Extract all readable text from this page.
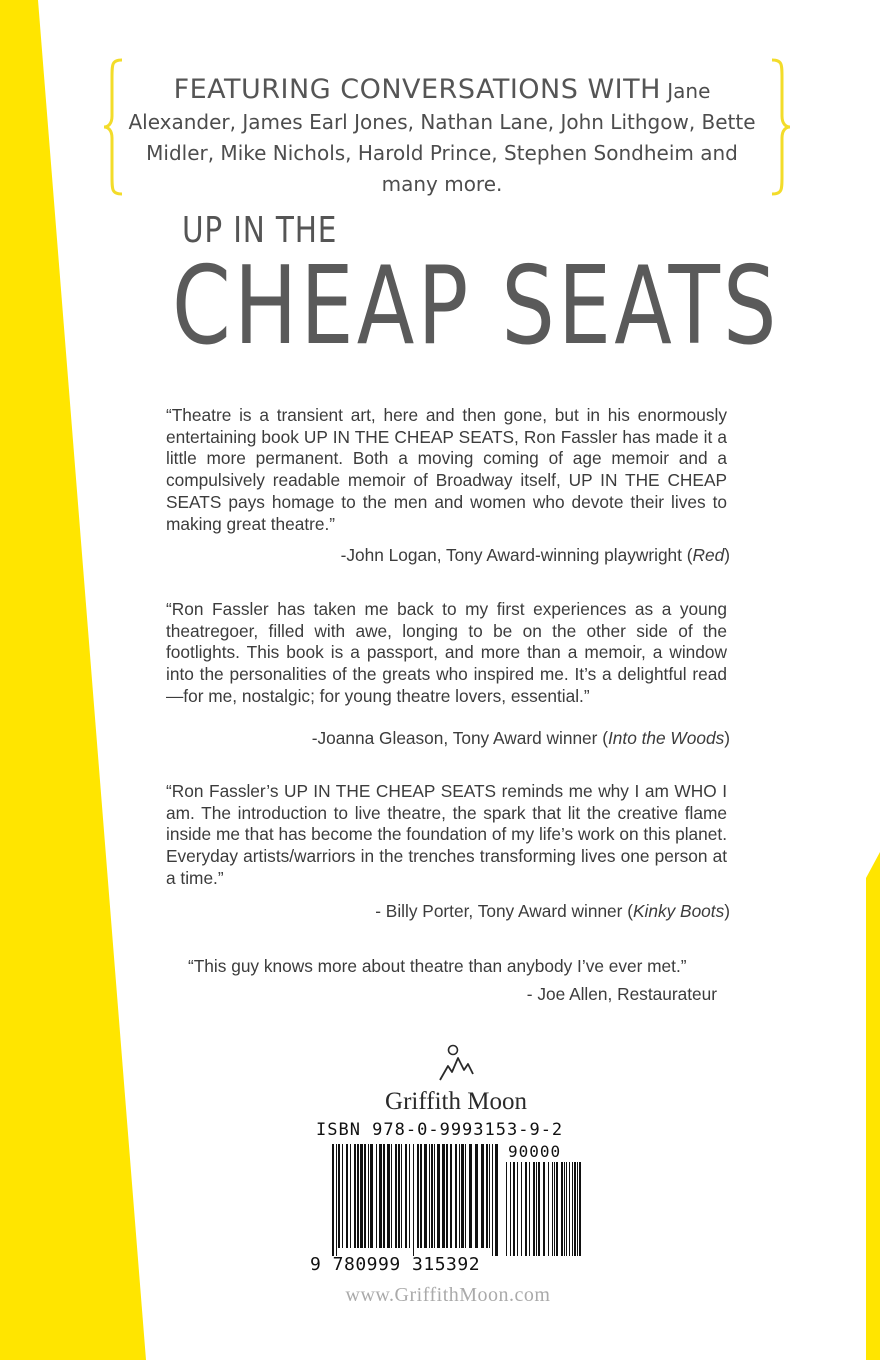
FEATURING CONVERSATIONS WITH Jane Alexander, James Earl Jones, Nathan Lane, John Lithgow, Bette Midler, Mike Nichols, Harold Prince, Stephen Sondheim and many more.
UP IN THE
CHEAP SEATS
“Theatre is a transient art, here and then gone, but in his enormously entertaining book UP IN THE CHEAP SEATS, Ron Fassler has made it a little more permanent. Both a moving coming of age memoir and a compulsively readable memoir of Broadway itself, UP IN THE CHEAP SEATS pays homage to the men and women who devote their lives to making great theatre.”
-John Logan, Tony Award-winning playwright (Red)
“Ron Fassler has taken me back to my first experiences as a young theatregoer, filled with awe, longing to be on the other side of the footlights. This book is a passport, and more than a memoir, a window into the personalities of the greats who inspired me. It’s a delightful read—for me, nostalgic; for young theatre lovers, essential.”
-Joanna Gleason, Tony Award winner (Into the Woods)
“Ron Fassler’s UP IN THE CHEAP SEATS reminds me why I am WHO I am. The introduction to live theatre, the spark that lit the creative flame inside me that has become the foundation of my life’s work on this planet. Everyday artists/warriors in the trenches transforming lives one person at a time.”
- Billy Porter, Tony Award winner (Kinky Boots)
“This guy knows more about theatre than anybody I’ve ever met.”
- Joe Allen, Restaurateur
Griffith Moon
ISBN 978-0-9993153-9-2
90000
9 780999 315392
www.GriffithMoon.com
